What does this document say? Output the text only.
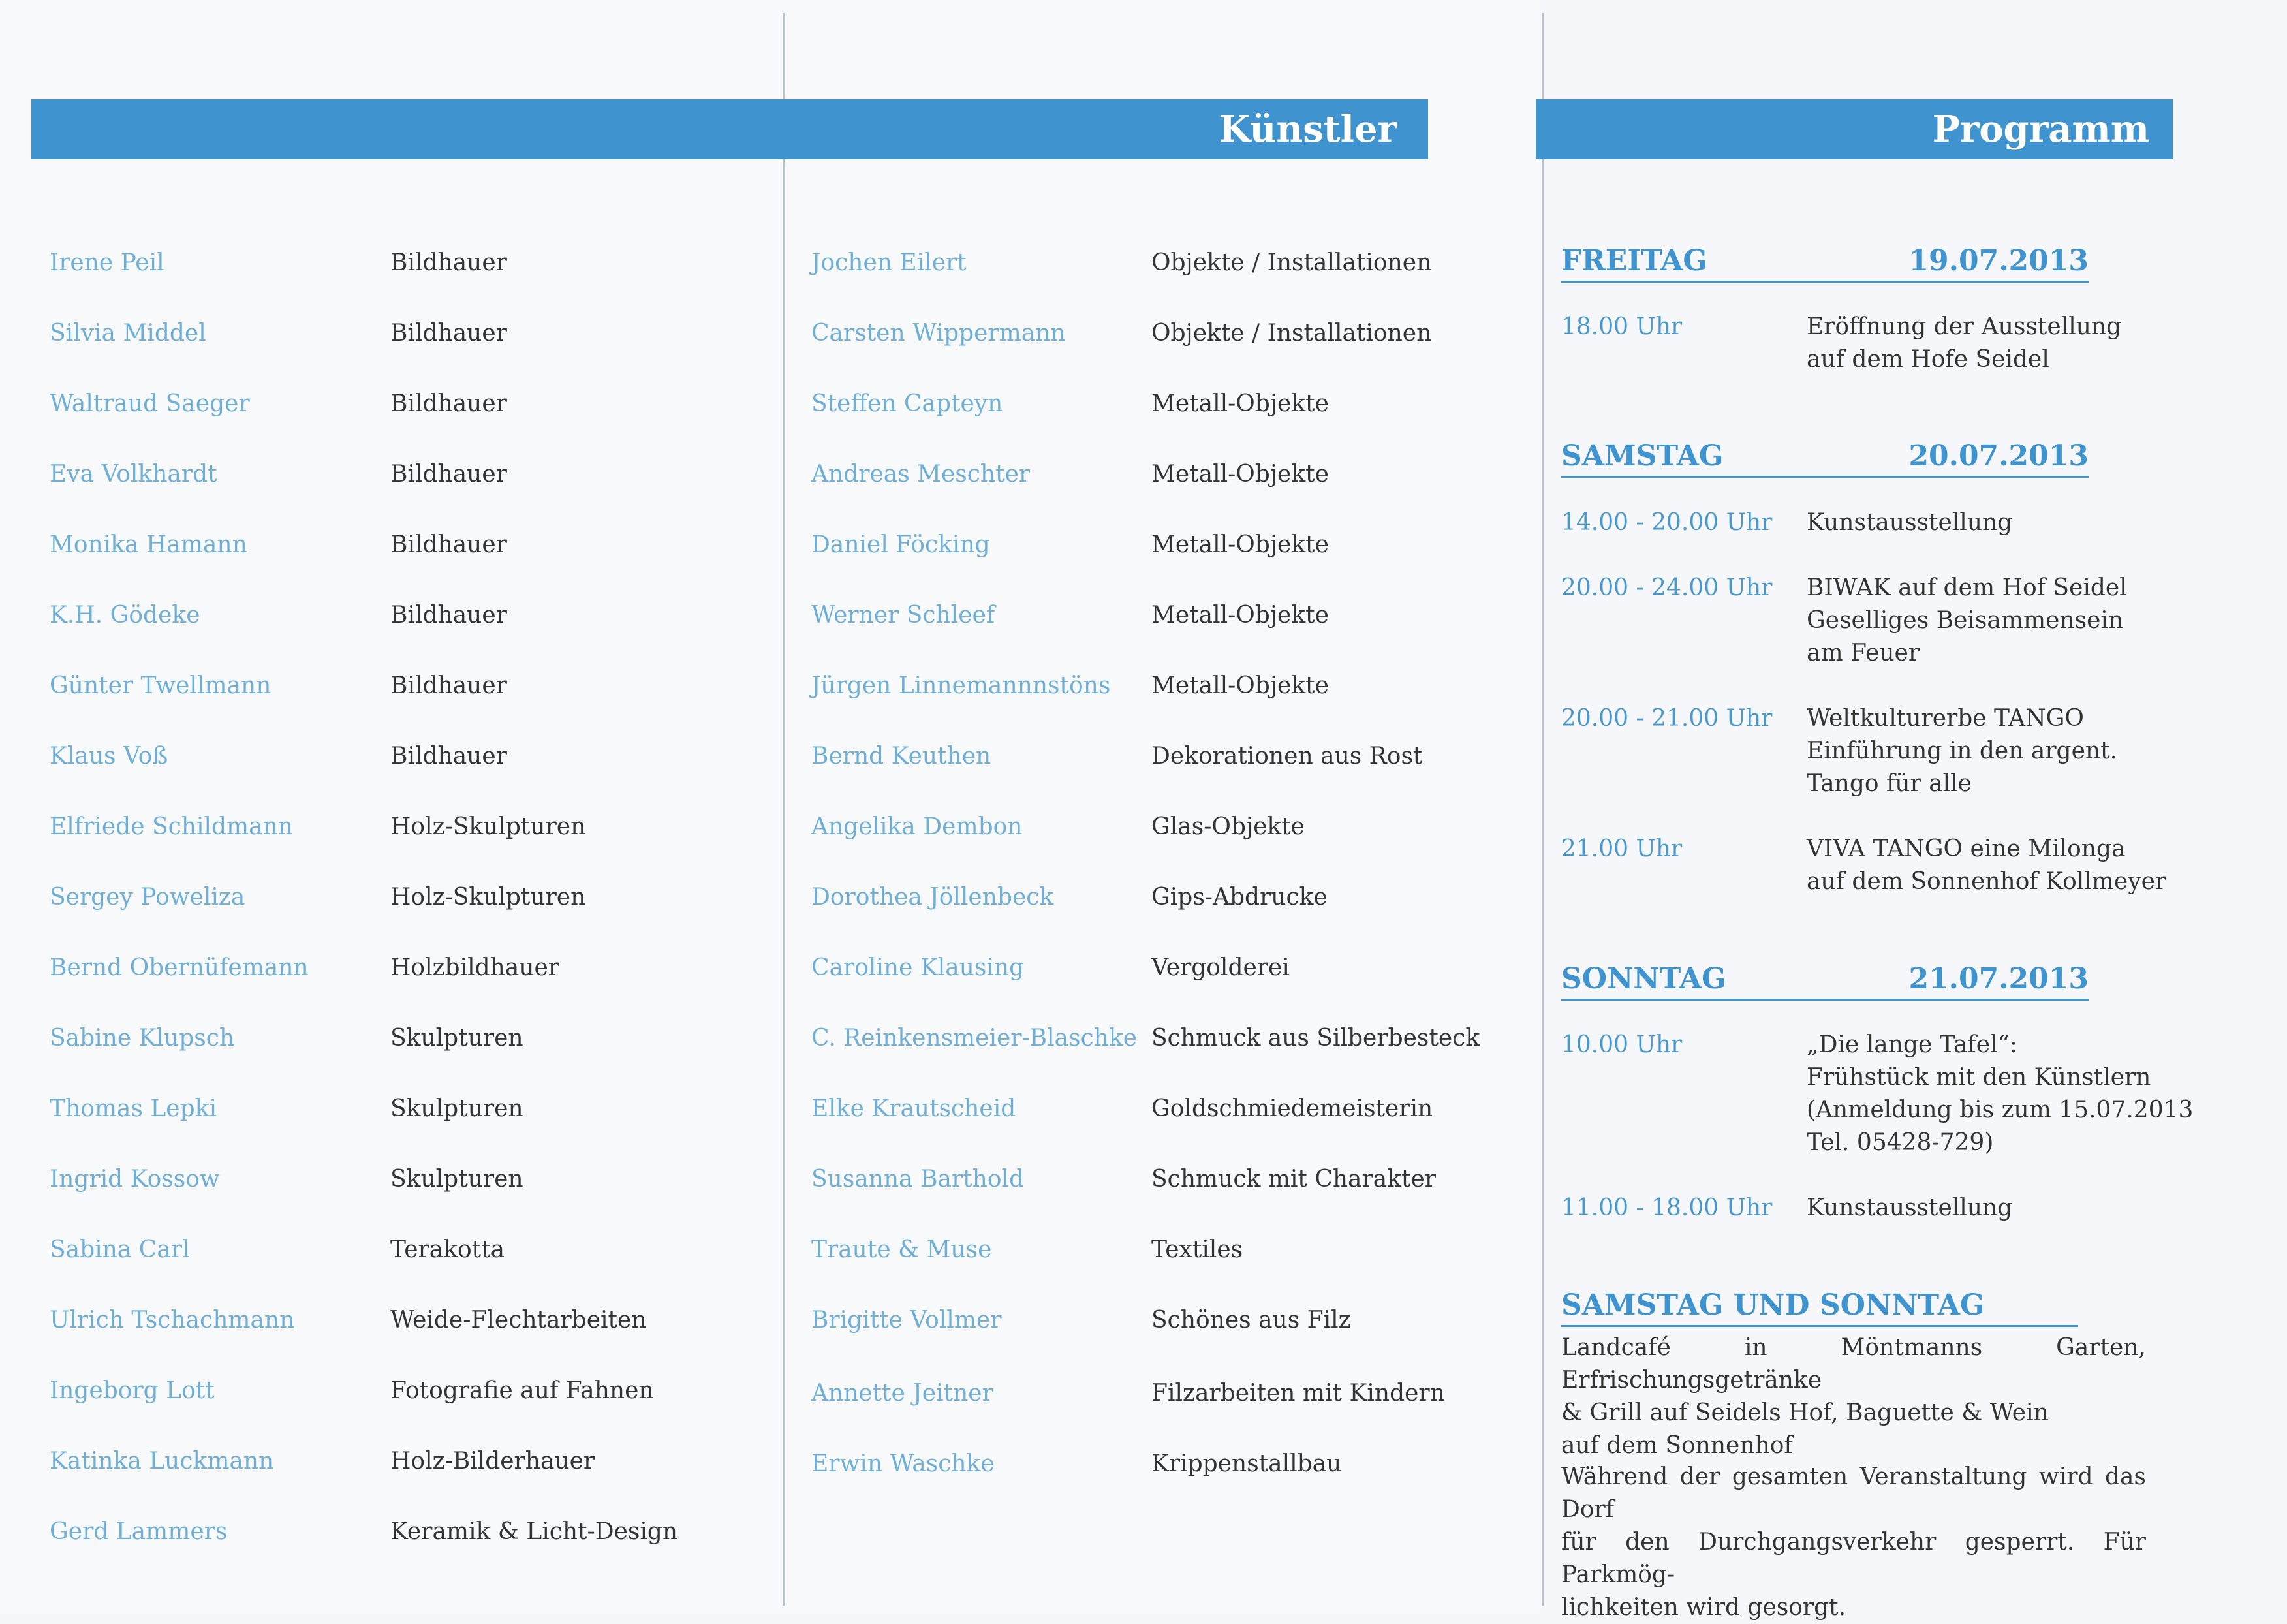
Künstler	Programm
Irene Peil	Bildhauer
Silvia Middel	Bildhauer
Waltraud Saeger	Bildhauer
Eva Volkhardt	Bildhauer
Monika Hamann	Bildhauer
K.H. Gödeke	Bildhauer
Günter Twellmann	Bildhauer
Klaus Voß	Bildhauer
Elfriede Schildmann	Holz-Skulpturen
Sergey Poweliza	Holz-Skulpturen
Bernd Obernüfemann	Holzbildhauer
Sabine Klupsch	Skulpturen
Thomas Lepki	Skulpturen
Ingrid Kossow	Skulpturen
Sabina Carl	Terakotta
Ulrich Tschachmann	Weide-Flechtarbeiten
Ingeborg Lott	Fotografie auf Fahnen
Katinka Luckmann	Holz-Bilderhauer
Gerd Lammers	Keramik & Licht-Design
Jochen Eilert	Objekte / Installationen
Carsten Wippermann	Objekte / Installationen
Steffen Capteyn	Metall-Objekte
Andreas Meschter	Metall-Objekte
Daniel Föcking	Metall-Objekte
Werner Schleef	Metall-Objekte
Jürgen Linnemannnstöns Metall-Objekte
Bernd Keuthen	Dekorationen aus Rost
Angelika Dembon	Glas-Objekte
Dorothea Jöllenbeck	Gips-Abdrucke
Caroline Klausing	Vergolderei
C. Reinkensmeier-Blaschke Schmuck aus Silberbesteck
Elke Krautscheid	Goldschmiedemeisterin
Susanna Barthold	Schmuck mit Charakter
Traute & Muse	Textiles
Brigitte Vollmer	Schönes aus Filz
Annette Jeitner	Filzarbeiten mit Kindern
Erwin Waschke	Krippenstallbau
FREITAG	19.07.2013
18.00 Uhr	Eröffnung der Ausstellung
auf dem Hofe Seidel
SAMSTAG	20.07.2013
14.00 - 20.00 Uhr Kunstausstellung
20.00 - 24.00 Uhr BIWAK auf dem Hof Seidel
Geselliges Beisammensein
am Feuer
20.00 - 21.00 Uhr Weltkulturerbe TANGO
Einführung in den argent.
Tango für alle
21.00 Uhr	VIVA TANGO eine Milonga
auf dem Sonnenhof Kollmeyer
SONNTAG	21.07.2013
10.00 Uhr	„Die lange Tafel“:
Frühstück mit den Künstlern
(Anmeldung bis zum 15.07.2013
Tel. 05428-729)
11.00 - 18.00 Uhr Kunstausstellung
SAMSTAG UND SONNTAG
Landcafé in Möntmanns Garten, Erfrischungsgetränke
& Grill auf Seidels Hof, Baguette & Wein
auf dem Sonnenhof
Während der gesamten Veranstaltung wird das Dorf
für den Durchgangsverkehr gesperrt. Für Parkmög-
lichkeiten wird gesorgt.
